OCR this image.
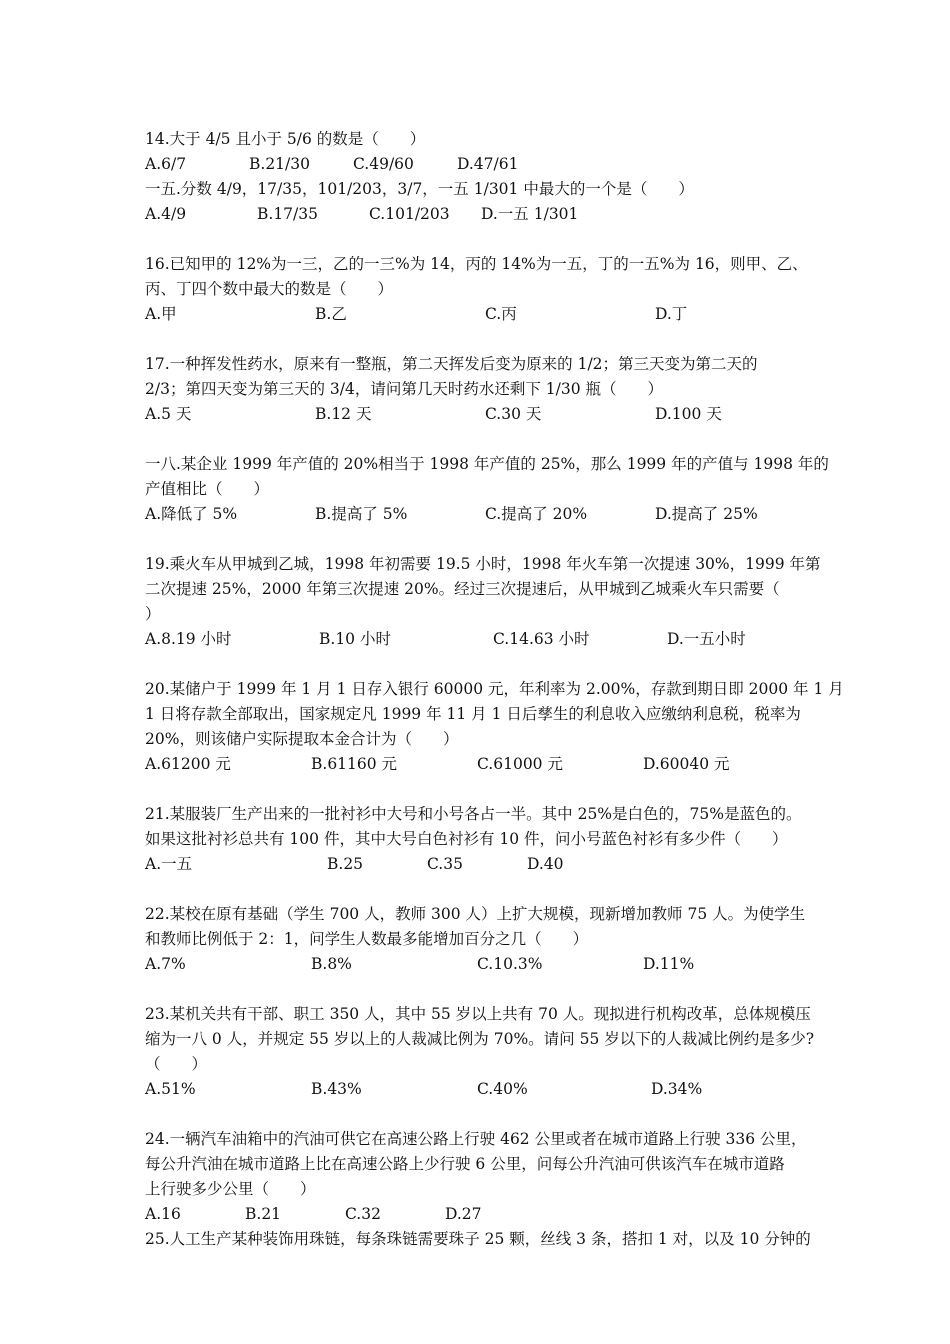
14.大于 4/5 且小于 5/6 的数是（　　）

A.6/7	B.21/30	C.49/60	D.47/61

一五.分数 4/9，17/35，101/203，3/7，一五 1/301 中最大的一个是（　　）

A.4/9	B.17/35	C.101/203	D.一五 1/301

16.已知甲的 12%为一三，乙的一三%为 14，丙的 14%为一五，丁的一五%为 16，则甲、乙、

丙、丁四个数中最大的数是（　　）

A.甲	B.乙	C.丙	D.丁

17.一种挥发性药水，原来有一整瓶，第二天挥发后变为原来的 1/2；第三天变为第二天的

2/3；第四天变为第三天的 3/4，请问第几天时药水还剩下 1/30 瓶（　　）

A.5 天	B.12 天	C.30 天	D.100 天

一八.某企业 1999 年产值的 20%相当于 1998 年产值的 25%，那么 1999 年的产值与 1998 年的

产值相比（　　）

A.降低了 5%	B.提高了 5%	C.提高了 20%	D.提高了 25%

19.乘火车从甲城到乙城，1998 年初需要 19.5 小时，1998 年火车第一次提速 30%，1999 年第

二次提速 25%，2000 年第三次提速 20%。经过三次提速后，从甲城到乙城乘火车只需要（

）

A.8.19 小时	B.10 小时	C.14.63 小时	D.一五小时

20.某储户于 1999 年 1 月 1 日存入银行 60000 元，年利率为 2.00%，存款到期日即 2000 年 1 月

1 日将存款全部取出，国家规定凡 1999 年 11 月 1 日后孳生的利息收入应缴纳利息税，税率为

20%，则该储户实际提取本金合计为（　　）

A.61200 元	B.61160 元	C.61000 元	D.60040 元

21.某服装厂生产出来的一批衬衫中大号和小号各占一半。其中 25%是白色的，75%是蓝色的。

如果这批衬衫总共有 100 件，其中大号白色衬衫有 10 件，问小号蓝色衬衫有多少件（　　）

A.一五	B.25	C.35	D.40

22.某校在原有基础（学生 700 人，教师 300 人）上扩大规模，现新增加教师 75 人。为使学生

和教师比例低于 2：1，问学生人数最多能增加百分之几（　　）

A.7%	B.8%	C.10.3%	D.11%

23.某机关共有干部、职工 350 人，其中 55 岁以上共有 70 人。现拟进行机构改革，总体规模压

缩为一八 0 人，并规定 55 岁以上的人裁减比例为 70%。请问 55 岁以下的人裁减比例约是多少?

（　　）

A.51%	B.43%	C.40%	D.34%

24.一辆汽车油箱中的汽油可供它在高速公路上行驶 462 公里或者在城市道路上行驶 336 公里，

每公升汽油在城市道路上比在高速公路上少行驶 6 公里，问每公升汽油可供该汽车在城市道路

上行驶多少公里（　　）

A.16	B.21	C.32	D.27

25.人工生产某种装饰用珠链，每条珠链需要珠子 25 颗，丝线 3 条，搭扣 1 对，以及 10 分钟的
